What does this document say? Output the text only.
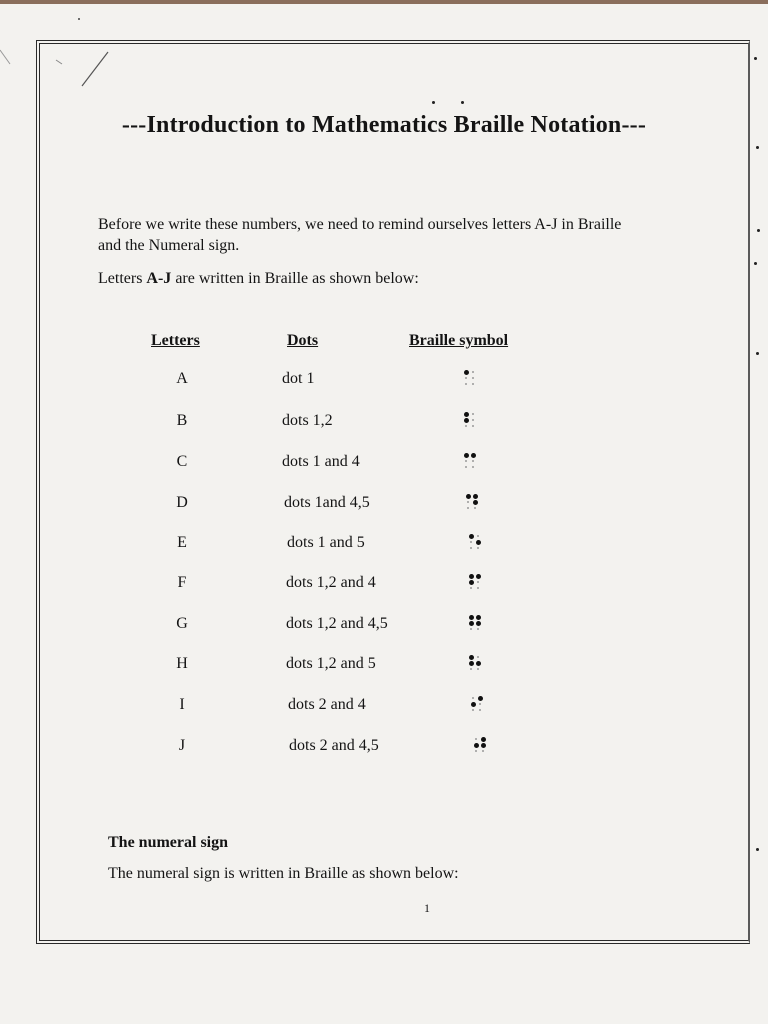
---Introduction to Mathematics Braille Notation---

Before we write these numbers, we need to remind ourselves letters A-J in Braille
and the Numeral sign.

Letters A-J are written in Braille as shown below:

Letters	Dots	Braille symbol
A	dot 1
B	dots 1,2
C	dots 1 and 4
D	dots 1and 4,5
E	dots 1 and 5
F	dots 1,2 and 4
G	dots 1,2 and 4,5
H	dots 1,2 and 5
I	dots 2 and 4
J	dots 2 and 4,5
The numeral sign

The numeral sign is written in Braille as shown below:

1
